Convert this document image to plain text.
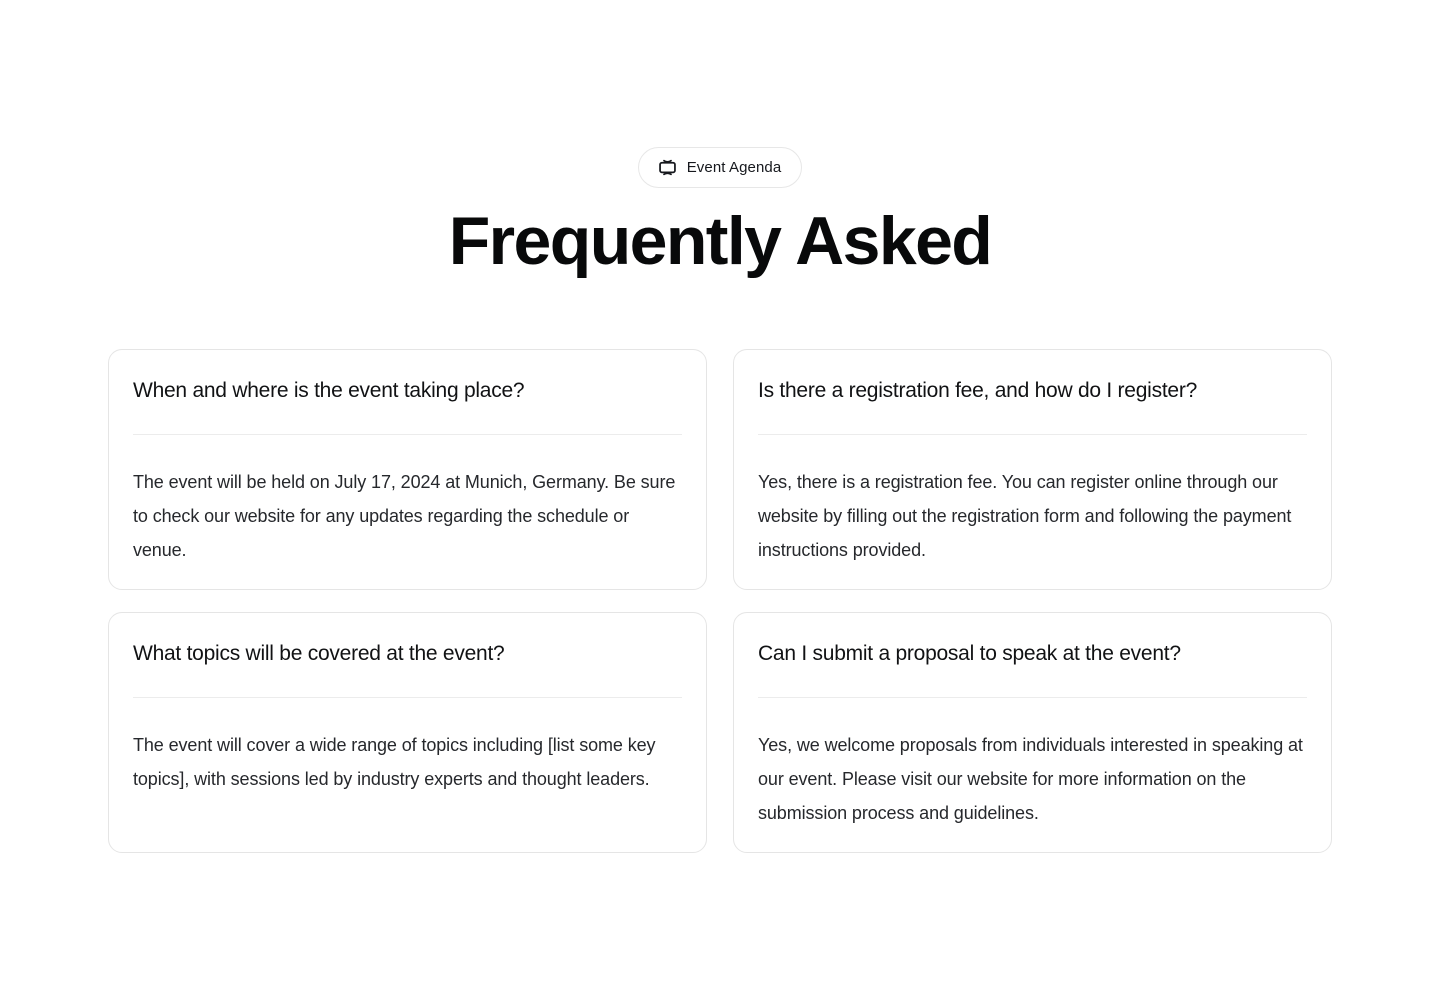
Event Agenda
Frequently Asked
When and where is the event taking place?
The event will be held on July 17, 2024 at Munich, Germany. Be sure to check our website for any updates regarding the schedule or venue.
Is there a registration fee, and how do I register?
Yes, there is a registration fee. You can register online through our website by filling out the registration form and following the payment instructions provided.
What topics will be covered at the event?
The event will cover a wide range of topics including [list some key topics], with sessions led by industry experts and thought leaders.
Can I submit a proposal to speak at the event?
Yes, we welcome proposals from individuals interested in speaking at our event. Please visit our website for more information on the submission process and guidelines.
